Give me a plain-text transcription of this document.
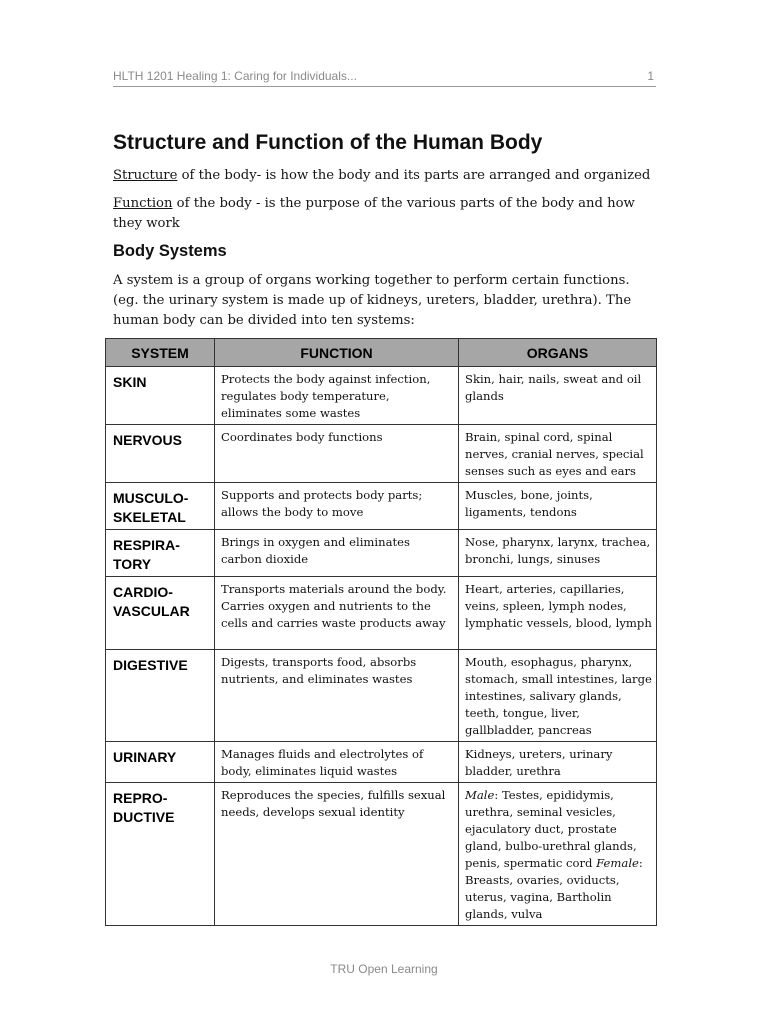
HLTH 1201 Healing 1: Caring for Individuals...	1
Structure and Function of the Human Body
Structure of the body- is how the body and its parts are arranged and organized
Function of the body - is the purpose of the various parts of the body and how they work
Body Systems
A system is a group of organs working together to perform certain functions. (eg. the urinary system is made up of kidneys, ureters, bladder, urethra). The human body can be divided into ten systems:
SYSTEM	FUNCTION	ORGANS
SKIN	Protects the body against infection, regulates body temperature, eliminates some wastes	Skin, hair, nails, sweat and oil glands
NERVOUS	Coordinates body functions	Brain, spinal cord, spinal nerves, cranial nerves, special senses such as eyes and ears
MUSCULO-SKELETAL	Supports and protects body parts; allows the body to move	Muscles, bone, joints, ligaments, tendons
RESPIRA-TORY	Brings in oxygen and eliminates carbon dioxide	Nose, pharynx, larynx, trachea, bronchi, lungs, sinuses
CARDIO-VASCULAR	Transports materials around the body. Carries oxygen and nutrients to the cells and carries waste products away	Heart, arteries, capillaries, veins, spleen, lymph nodes, lymphatic vessels, blood, lymph
DIGESTIVE	Digests, transports food, absorbs nutrients, and eliminates wastes	Mouth, esophagus, pharynx, stomach, small intestines, large intestines, salivary glands, teeth, tongue, liver, gallbladder, pancreas
URINARY	Manages fluids and electrolytes of body, eliminates liquid wastes	Kidneys, ureters, urinary bladder, urethra
REPRO-DUCTIVE	Reproduces the species, fulfills sexual needs, develops sexual identity	Male: Testes, epididymis, urethra, seminal vesicles, ejaculatory duct, prostate gland, bulbo-urethral glands, penis, spermatic cord Female: Breasts, ovaries, oviducts, uterus, vagina, Bartholin glands, vulva
TRU Open Learning
